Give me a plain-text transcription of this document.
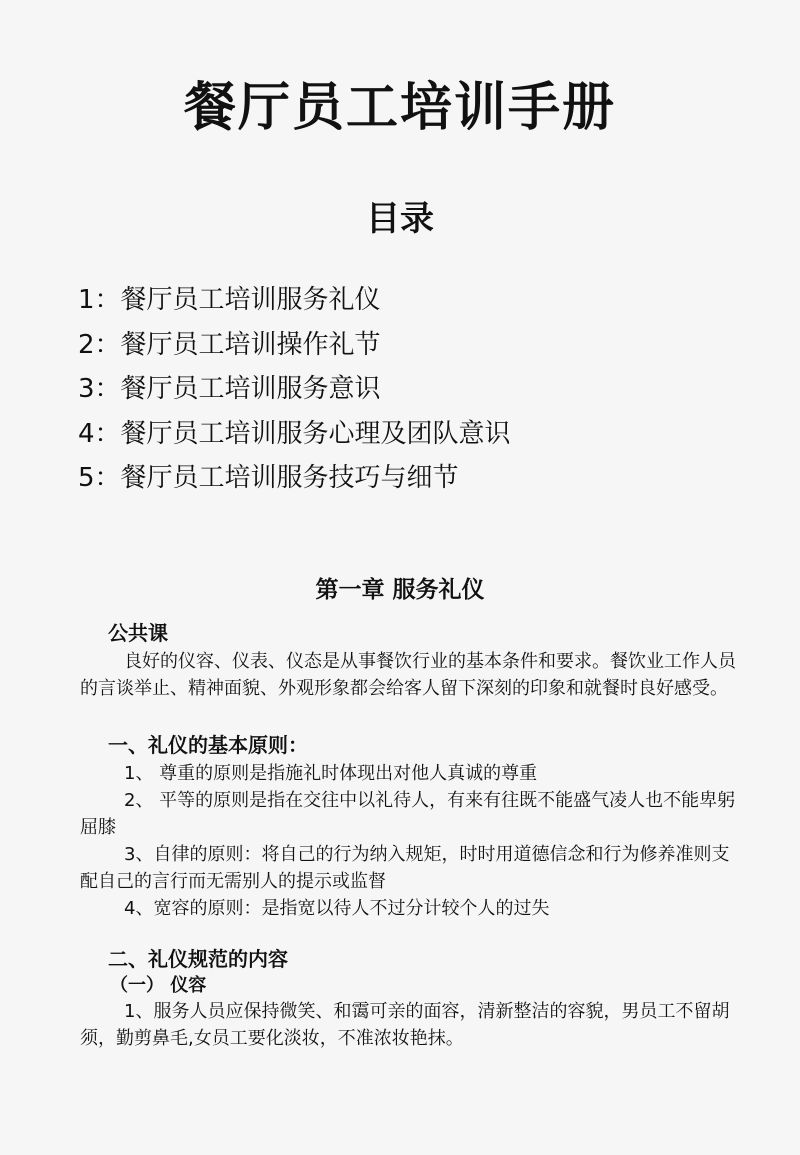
餐厅员工培训手册
目录
1：餐厅员工培训服务礼仪
2：餐厅员工培训操作礼节
3：餐厅员工培训服务意识
4：餐厅员工培训服务心理及团队意识
5：餐厅员工培训服务技巧与细节
第一章 服务礼仪

公共课

良好的仪容、仪表、仪态是从事餐饮行业的基本条件和要求。餐饮业工作人员的言谈举止、精神面貌、外观形象都会给客人留下深刻的印象和就餐时良好感受。

一、礼仪的基本原则：

1、 尊重的原则是指施礼时体现出对他人真诚的尊重

2、 平等的原则是指在交往中以礼待人，有来有往既不能盛气凌人也不能卑躬屈膝

3、自律的原则：将自己的行为纳入规矩，时时用道德信念和行为修养准则支配自己的言行而无需别人的提示或监督

4、宽容的原则：是指宽以待人不过分计较个人的过失

二、礼仪规范的内容

（一） 仪容

1、服务人员应保持微笑、和霭可亲的面容，清新整洁的容貌，男员工不留胡须，勤剪鼻毛,女员工要化淡妆，不准浓妆艳抹。
